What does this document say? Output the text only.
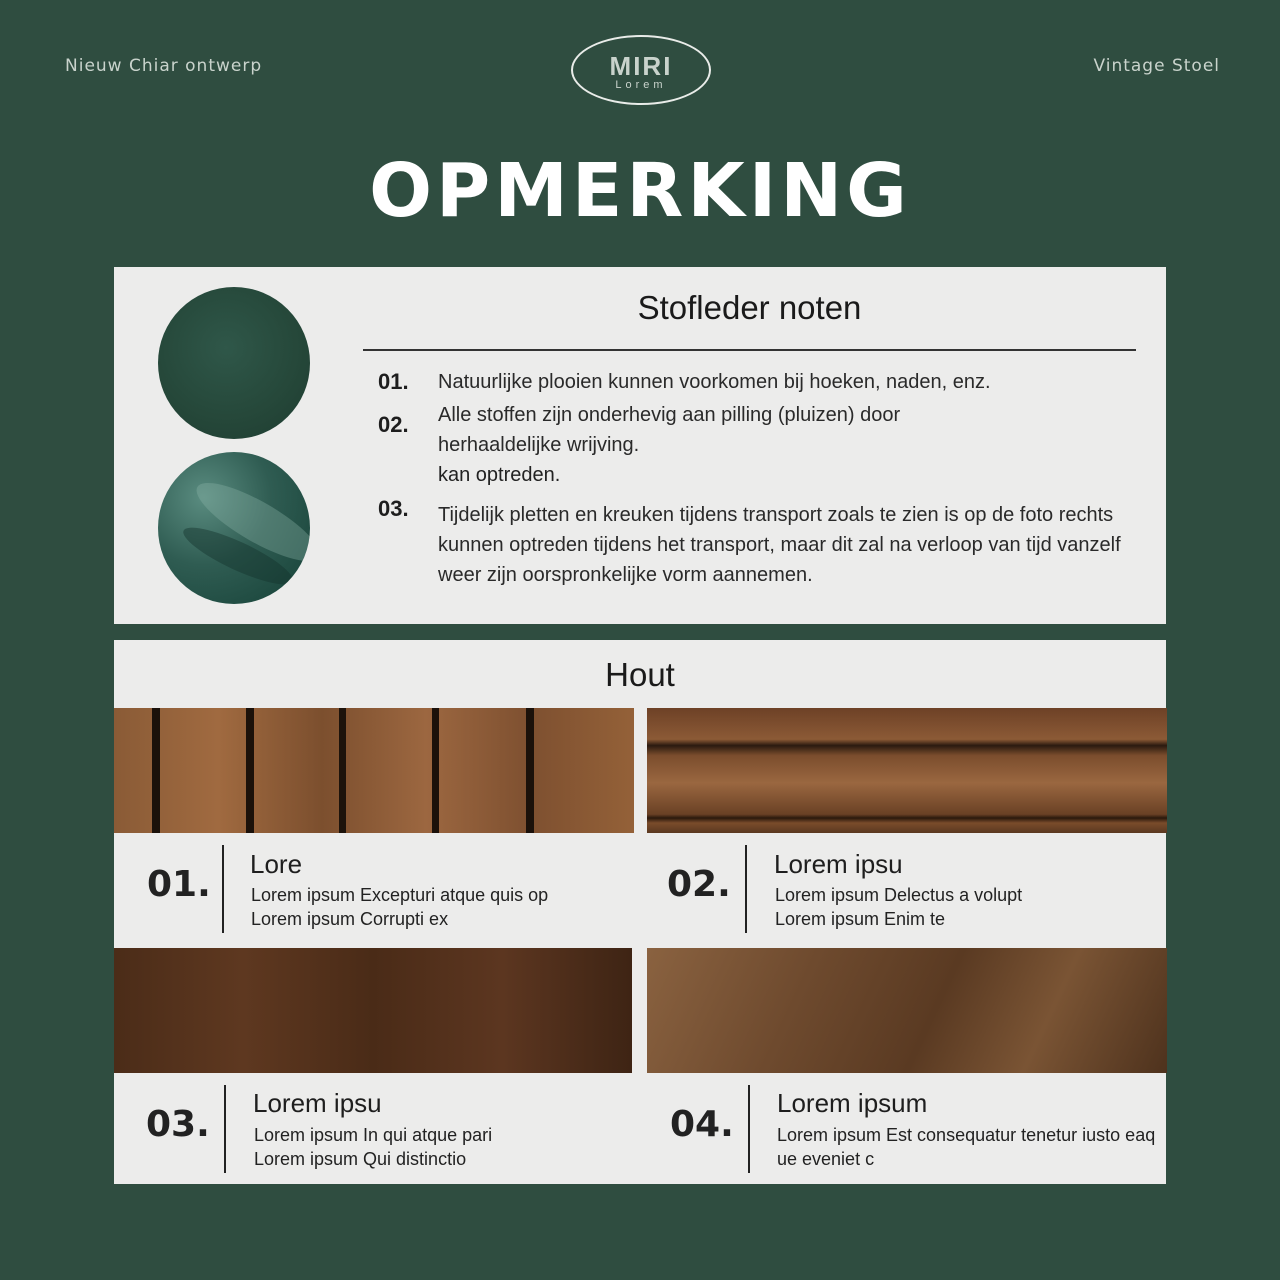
Nieuw Chiar ontwerp	MIRI
Lorem
Vintage Stoel
OPMERKING
Stofleder noten
01. Natuurlijke plooien kunnen voorkomen bij hoeken, naden, enz.
02. Alle stoffen zijn onderhevig aan pilling (pluizen) door herhaaldelijke wrijving.
kan optreden.
03. Tijdelijk pletten en kreuken tijdens transport zoals te zien is op de foto rechts kunnen optreden tijdens het transport, maar dit zal na verloop van tijd vanzelf weer zijn oorspronkelijke vorm aannemen.
Hout
01. Lore
Lorem ipsum Excepturi atque quis op
Lorem ipsum Corrupti ex
02. Lorem ipsu
Lorem ipsum Delectus a volupt
Lorem ipsum Enim te
03.
Lorem ipsu
Lorem ipsum In qui atque pari
Lorem ipsum Qui distinctio
04.
Lorem ipsum
Lorem ipsum Est consequatur tenetur iusto eaq
ue eveniet c
